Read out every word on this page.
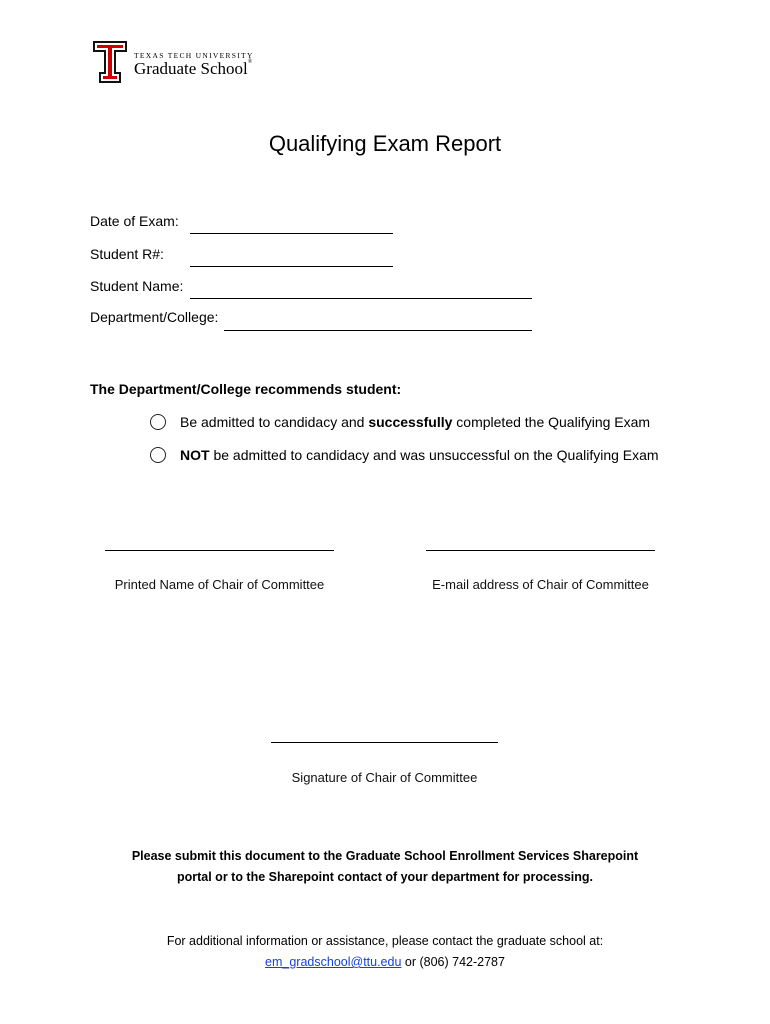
TEXAS TECH UNIVERSITY
Graduate School®
Qualifying Exam Report
Date of Exam:
Student R#:
Student Name:
Department/College:
The Department/College recommends student:
Be admitted to candidacy and successfully completed the Qualifying Exam
NOT be admitted to candidacy and was unsuccessful on the Qualifying Exam
Printed Name of Chair of Committee	E-mail address of Chair of Committee
Signature of Chair of Committee
Please submit this document to the Graduate School Enrollment Services Sharepoint
portal or to the Sharepoint contact of your department for processing.
For additional information or assistance, please contact the graduate school at:
em_gradschool@ttu.edu or (806) 742-2787
